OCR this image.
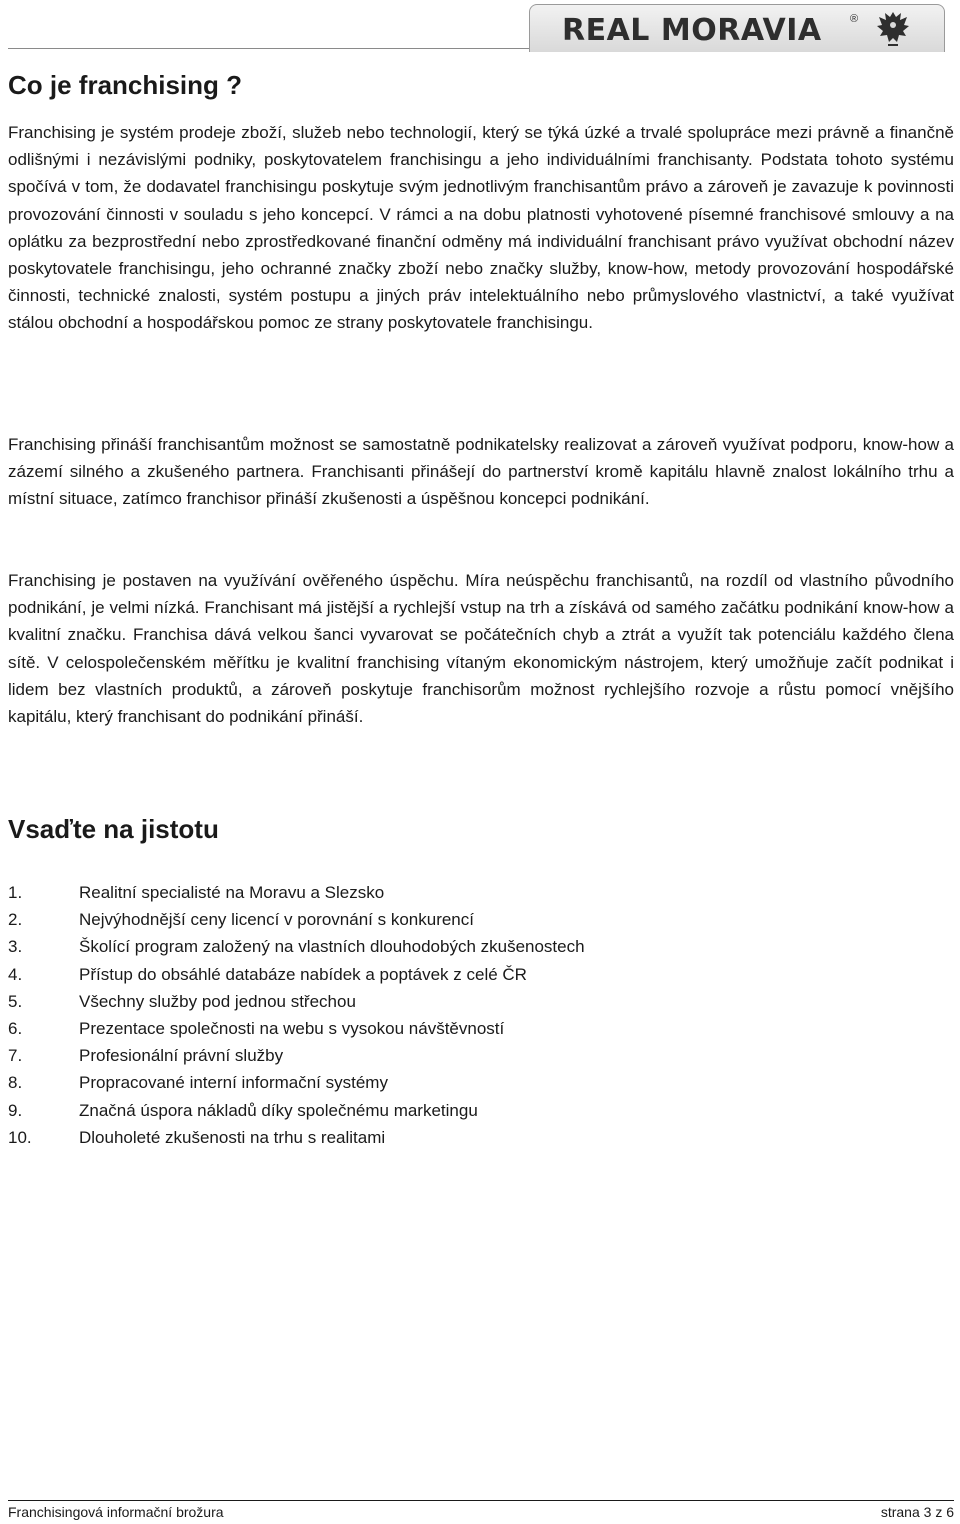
REAL MORAVIA	®
Co je franchising ?

Franchising je systém prodeje zboží, služeb nebo technologií, který se týká úzké a trvalé spolupráce mezi právně a finančně odlišnými i nezávislými podniky, poskytovatelem franchisingu a jeho individuálními franchisanty. Podstata tohoto systému spočívá v tom, že dodavatel franchisingu poskytuje svým jednotlivým franchisantům právo a zároveň je zavazuje k povinnosti provozování činnosti v souladu s jeho koncepcí. V rámci a na dobu platnosti vyhotovené písemné franchisové smlouvy a na oplátku za bezprostřední nebo zprostředkované finanční odměny má individuální franchisant právo využívat obchodní název poskytovatele franchisingu, jeho ochranné značky zboží nebo značky služby, know-how, metody provozování hospodářské činnosti, technické znalosti, systém postupu a jiných práv intelektuálního nebo průmyslového vlastnictví, a také využívat stálou obchodní a hospodářskou pomoc ze strany poskytovatele franchisingu.

Franchising přináší franchisantům možnost se samostatně podnikatelsky realizovat a zároveň využívat podporu, know-how a zázemí silného a zkušeného partnera. Franchisanti přinášejí do partnerství kromě kapitálu hlavně znalost lokálního trhu a místní situace, zatímco franchisor přináší zkušenosti a úspěšnou koncepci podnikání.

Franchising je postaven na využívání ověřeného úspěchu. Míra neúspěchu franchisantů, na rozdíl od vlastního původního podnikání, je velmi nízká. Franchisant má jistější a rychlejší vstup na trh a získává od samého začátku podnikání know-how a kvalitní značku. Franchisa dává velkou šanci vyvarovat se počátečních chyb a ztrát a využít tak potenciálu každého člena sítě. V celospolečenském měřítku je kvalitní franchising vítaným ekonomickým nástrojem, který umožňuje začít podnikat i lidem bez vlastních produktů, a zároveň poskytuje franchisorům možnost rychlejšího rozvoje a růstu pomocí vnějšího kapitálu, který franchisant do podnikání přináší.

Vsaďte na jistotu
1.	Realitní specialisté na Moravu a Slezsko
2.	Nejvýhodnější ceny licencí v porovnání s konkurencí
3.	Školící program založený na vlastních dlouhodobých zkušenostech
4.	Přístup do obsáhlé databáze nabídek a poptávek z celé ČR
5.	Všechny služby pod jednou střechou
6.	Prezentace společnosti na webu s vysokou návštěvností
7.	Profesionální právní služby
8.	Propracované interní informační systémy
9.	Značná úspora nákladů díky společnému marketingu
10.	Dlouholeté zkušenosti na trhu s realitami
Franchisingová informační brožura	strana 3 z 6
